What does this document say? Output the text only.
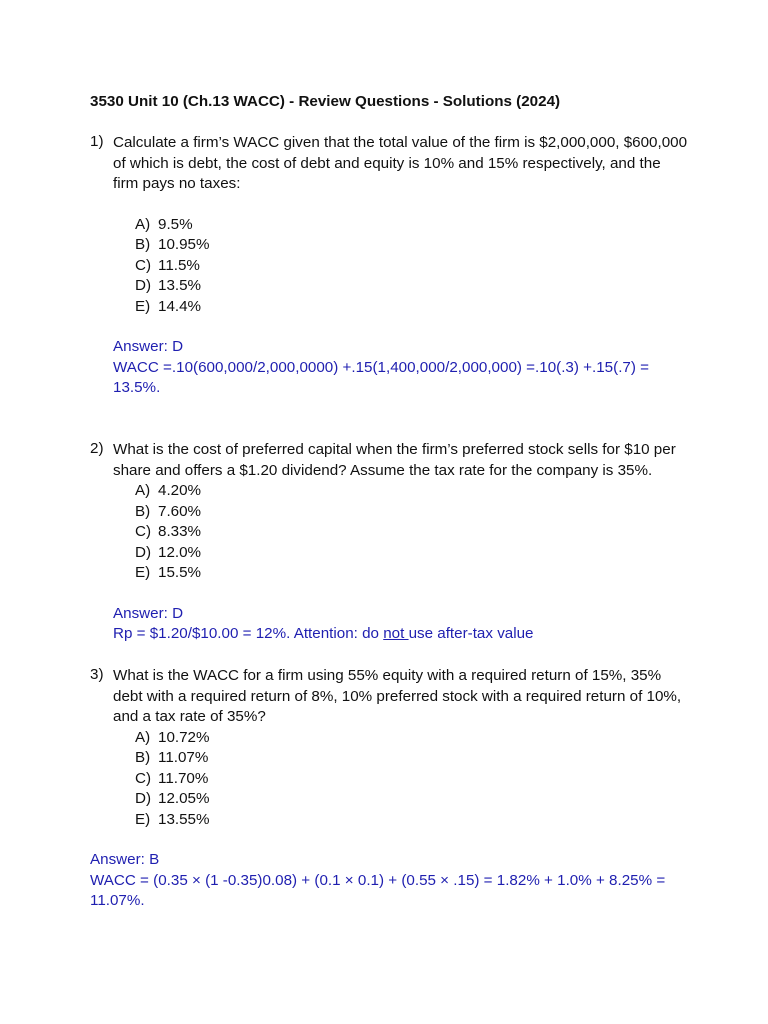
3530 Unit 10 (Ch.13 WACC) - Review Questions - Solutions (2024)
1) Calculate a firm’s WACC given that the total value of the firm is $2,000,000, $600,000 of which is debt, the cost of debt and equity is 10% and 15% respectively, and the firm pays no taxes:
A) 9.5%
B) 10.95%
C) 11.5%
D) 13.5%
E) 14.4%
Answer: D
WACC =.10(600,000/2,000,0000) +.15(1,400,000/2,000,000) =.10(.3) +.15(.7) = 13.5%.
2) What is the cost of preferred capital when the firm’s preferred stock sells for $10 per share and offers a $1.20 dividend? Assume the tax rate for the company is 35%.
A) 4.20%
B) 7.60%
C) 8.33%
D) 12.0%
E) 15.5%
Answer: D
Rp = $1.20/$10.00 = 12%. Attention: do not use after-tax value
3) What is the WACC for a firm using 55% equity with a required return of 15%, 35% debt with a required return of 8%, 10% preferred stock with a required return of 10%, and a tax rate of 35%?
A) 10.72%
B) 11.07%
C) 11.70%
D) 12.05%
E) 13.55%
Answer: B
WACC = (0.35 × (1 -0.35)0.08) + (0.1 × 0.1) + (0.55 × .15) = 1.82% + 1.0% + 8.25% = 11.07%.
